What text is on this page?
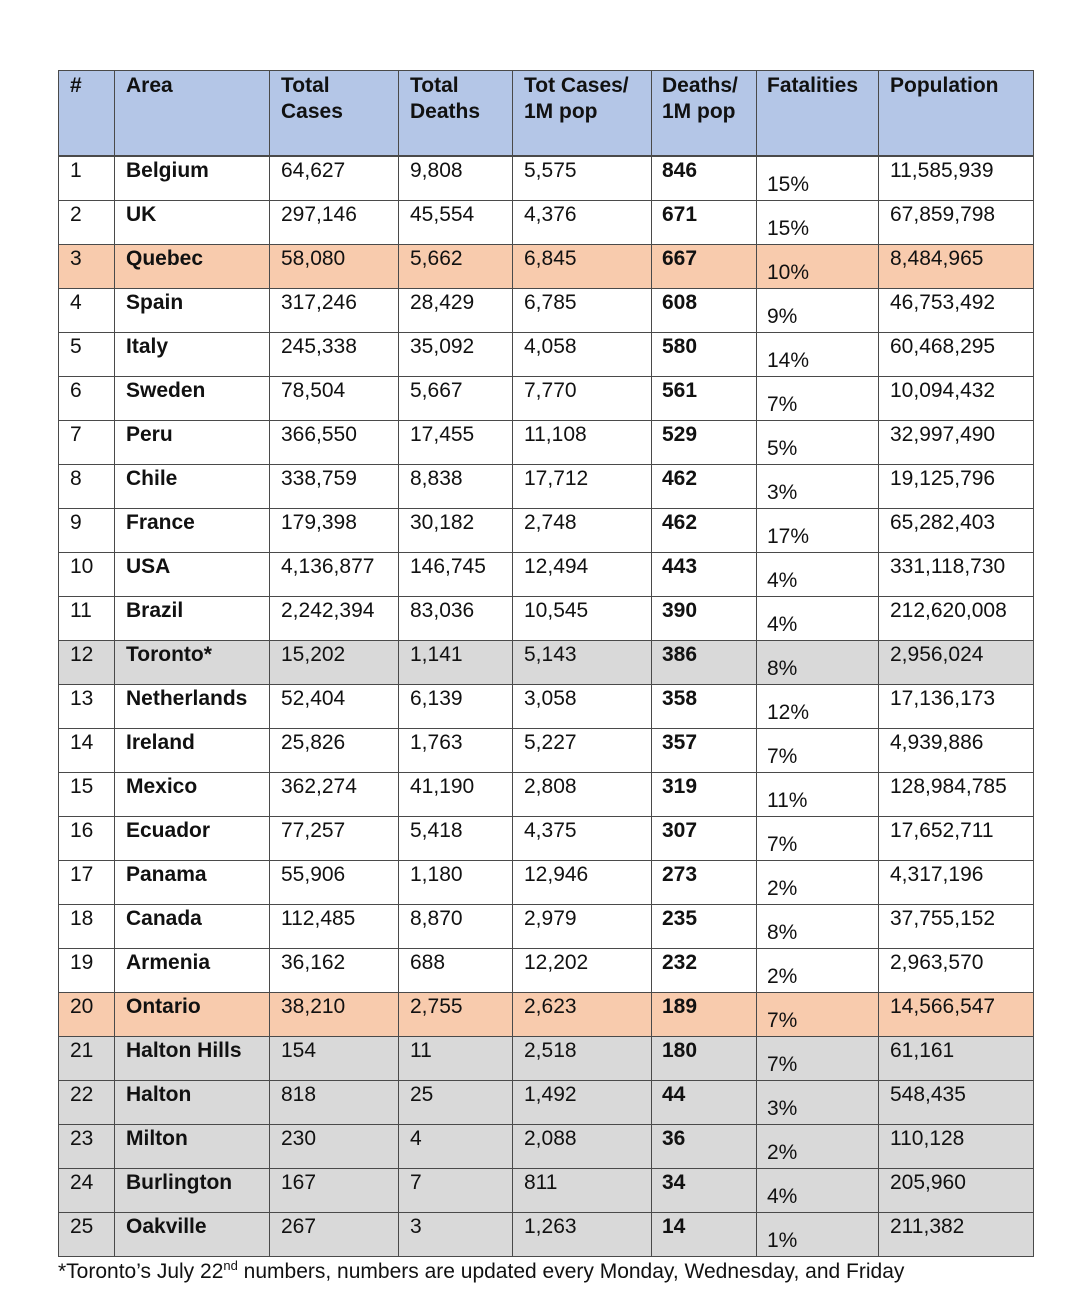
#	Area	Total Cases	Total Deaths	Tot Cases/ 1M pop	Deaths/ 1M pop	Fatalities	Population

1	Belgium	64,627	9,808	5,575	846	15%	11,585,939
2	UK	297,146	45,554	4,376	671	15%	67,859,798
3	Quebec	58,080	5,662	6,845	667	10%	8,484,965
4	Spain	317,246	28,429	6,785	608	9%	46,753,492
5	Italy	245,338	35,092	4,058	580	14%	60,468,295
6	Sweden	78,504	5,667	7,770	561	7%	10,094,432
7	Peru	366,550	17,455	11,108	529	5%	32,997,490
8	Chile	338,759	8,838	17,712	462	3%	19,125,796
9	France	179,398	30,182	2,748	462	17%	65,282,403
10	USA	4,136,877	146,745	12,494	443	4%	331,118,730
11	Brazil	2,242,394	83,036	10,545	390	4%	212,620,008
12	Toronto*	15,202	1,141	5,143	386	8%	2,956,024
13	Netherlands	52,404	6,139	3,058	358	12%	17,136,173
14	Ireland	25,826	1,763	5,227	357	7%	4,939,886
15	Mexico	362,274	41,190	2,808	319	11%	128,984,785
16	Ecuador	77,257	5,418	4,375	307	7%	17,652,711
17	Panama	55,906	1,180	12,946	273	2%	4,317,196
18	Canada	112,485	8,870	2,979	235	8%	37,755,152
19	Armenia	36,162	688	12,202	232	2%	2,963,570
20	Ontario	38,210	2,755	2,623	189	7%	14,566,547
21	Halton Hills	154	11	2,518	180	7%	61,161
22	Halton	818	25	1,492	44	3%	548,435
23	Milton	230	4	2,088	36	2%	110,128
24	Burlington	167	7	811	34	4%	205,960
25	Oakville	267	3	1,263	14	1%	211,382
*Toronto’s July 22nd numbers, numbers are updated every Monday, Wednesday, and Friday
